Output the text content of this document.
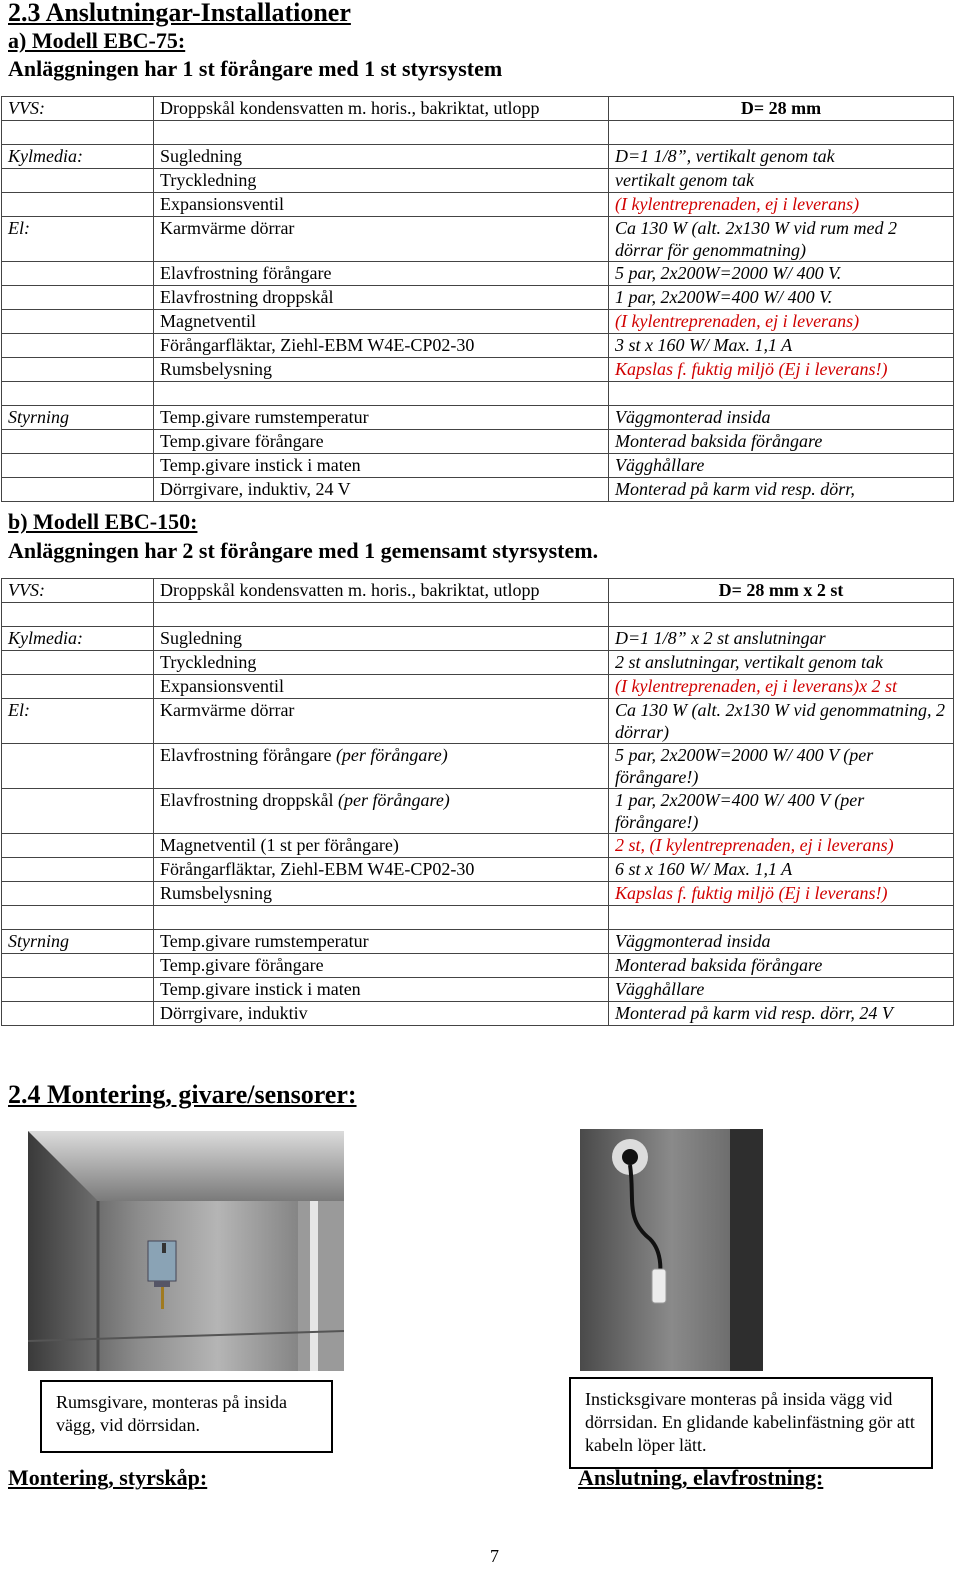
2.3 Anslutningar-Installationer
a) Modell EBC-75:
Anläggningen har 1 st förångare med 1 st styrsystem
VVS:	Droppskål kondensvatten m. horis., bakriktat, utlopp	D= 28 mm

Kylmedia:	Sugledning	D=1 1/8”, vertikalt genom tak
	Tryckledning	vertikalt genom tak
	Expansionsventil	(I kylentreprenaden, ej i leverans)
El:	Karmvärme dörrar	Ca 130 W (alt. 2x130 W vid rum med 2 dörrar för genommatning)
	Elavfrostning förångare	5 par, 2x200W=2000 W/ 400 V.
	Elavfrostning droppskål	1 par, 2x200W=400 W/ 400 V.
	Magnetventil	(I kylentreprenaden, ej i leverans)
	Förångarfläktar, Ziehl-EBM W4E-CP02-30	3 st x 160 W/ Max. 1,1 A
	Rumsbelysning	Kapslas f. fuktig miljö (Ej i leverans!)

Styrning	Temp.givare rumstemperatur	Väggmonterad insida
	Temp.givare förångare	Monterad baksida förångare
	Temp.givare instick i maten	Vägghållare
	Dörrgivare, induktiv, 24 V	Monterad på karm vid resp. dörr,
b) Modell EBC-150:
Anläggningen har 2 st förångare med 1 gemensamt styrsystem.
VVS:	Droppskål kondensvatten m. horis., bakriktat, utlopp	D= 28 mm x 2 st

Kylmedia:	Sugledning	D=1 1/8” x 2 st anslutningar
	Tryckledning	2 st anslutningar, vertikalt genom tak
	Expansionsventil	(I kylentreprenaden, ej i leverans)x 2 st
El:	Karmvärme dörrar	Ca 130 W (alt. 2x130 W vid genommatning, 2 dörrar)
	Elavfrostning förångare (per förångare)	5 par, 2x200W=2000 W/ 400 V (per förångare!)
	Elavfrostning droppskål (per förångare)	1 par, 2x200W=400 W/ 400 V (per förångare!)
	Magnetventil (1 st per förångare)	2 st, (I kylentreprenaden, ej i leverans)
	Förångarfläktar, Ziehl-EBM W4E-CP02-30	6 st x 160 W/ Max. 1,1 A
	Rumsbelysning	Kapslas f. fuktig miljö (Ej i leverans!)

Styrning	Temp.givare rumstemperatur	Väggmonterad insida
	Temp.givare förångare	Monterad baksida förångare
	Temp.givare instick i maten	Vägghållare
	Dörrgivare, induktiv	Monterad på karm vid resp. dörr, 24 V
2.4 Montering, givare/sensorer:
Rumsgivare, monteras på insida vägg, vid dörrsidan.
Insticksgivare monteras på insida vägg vid dörrsidan. En glidande kabelinfästning gör att kabeln löper lätt.
Montering, styrskåp:	Anslutning, elavfrostning:
7
